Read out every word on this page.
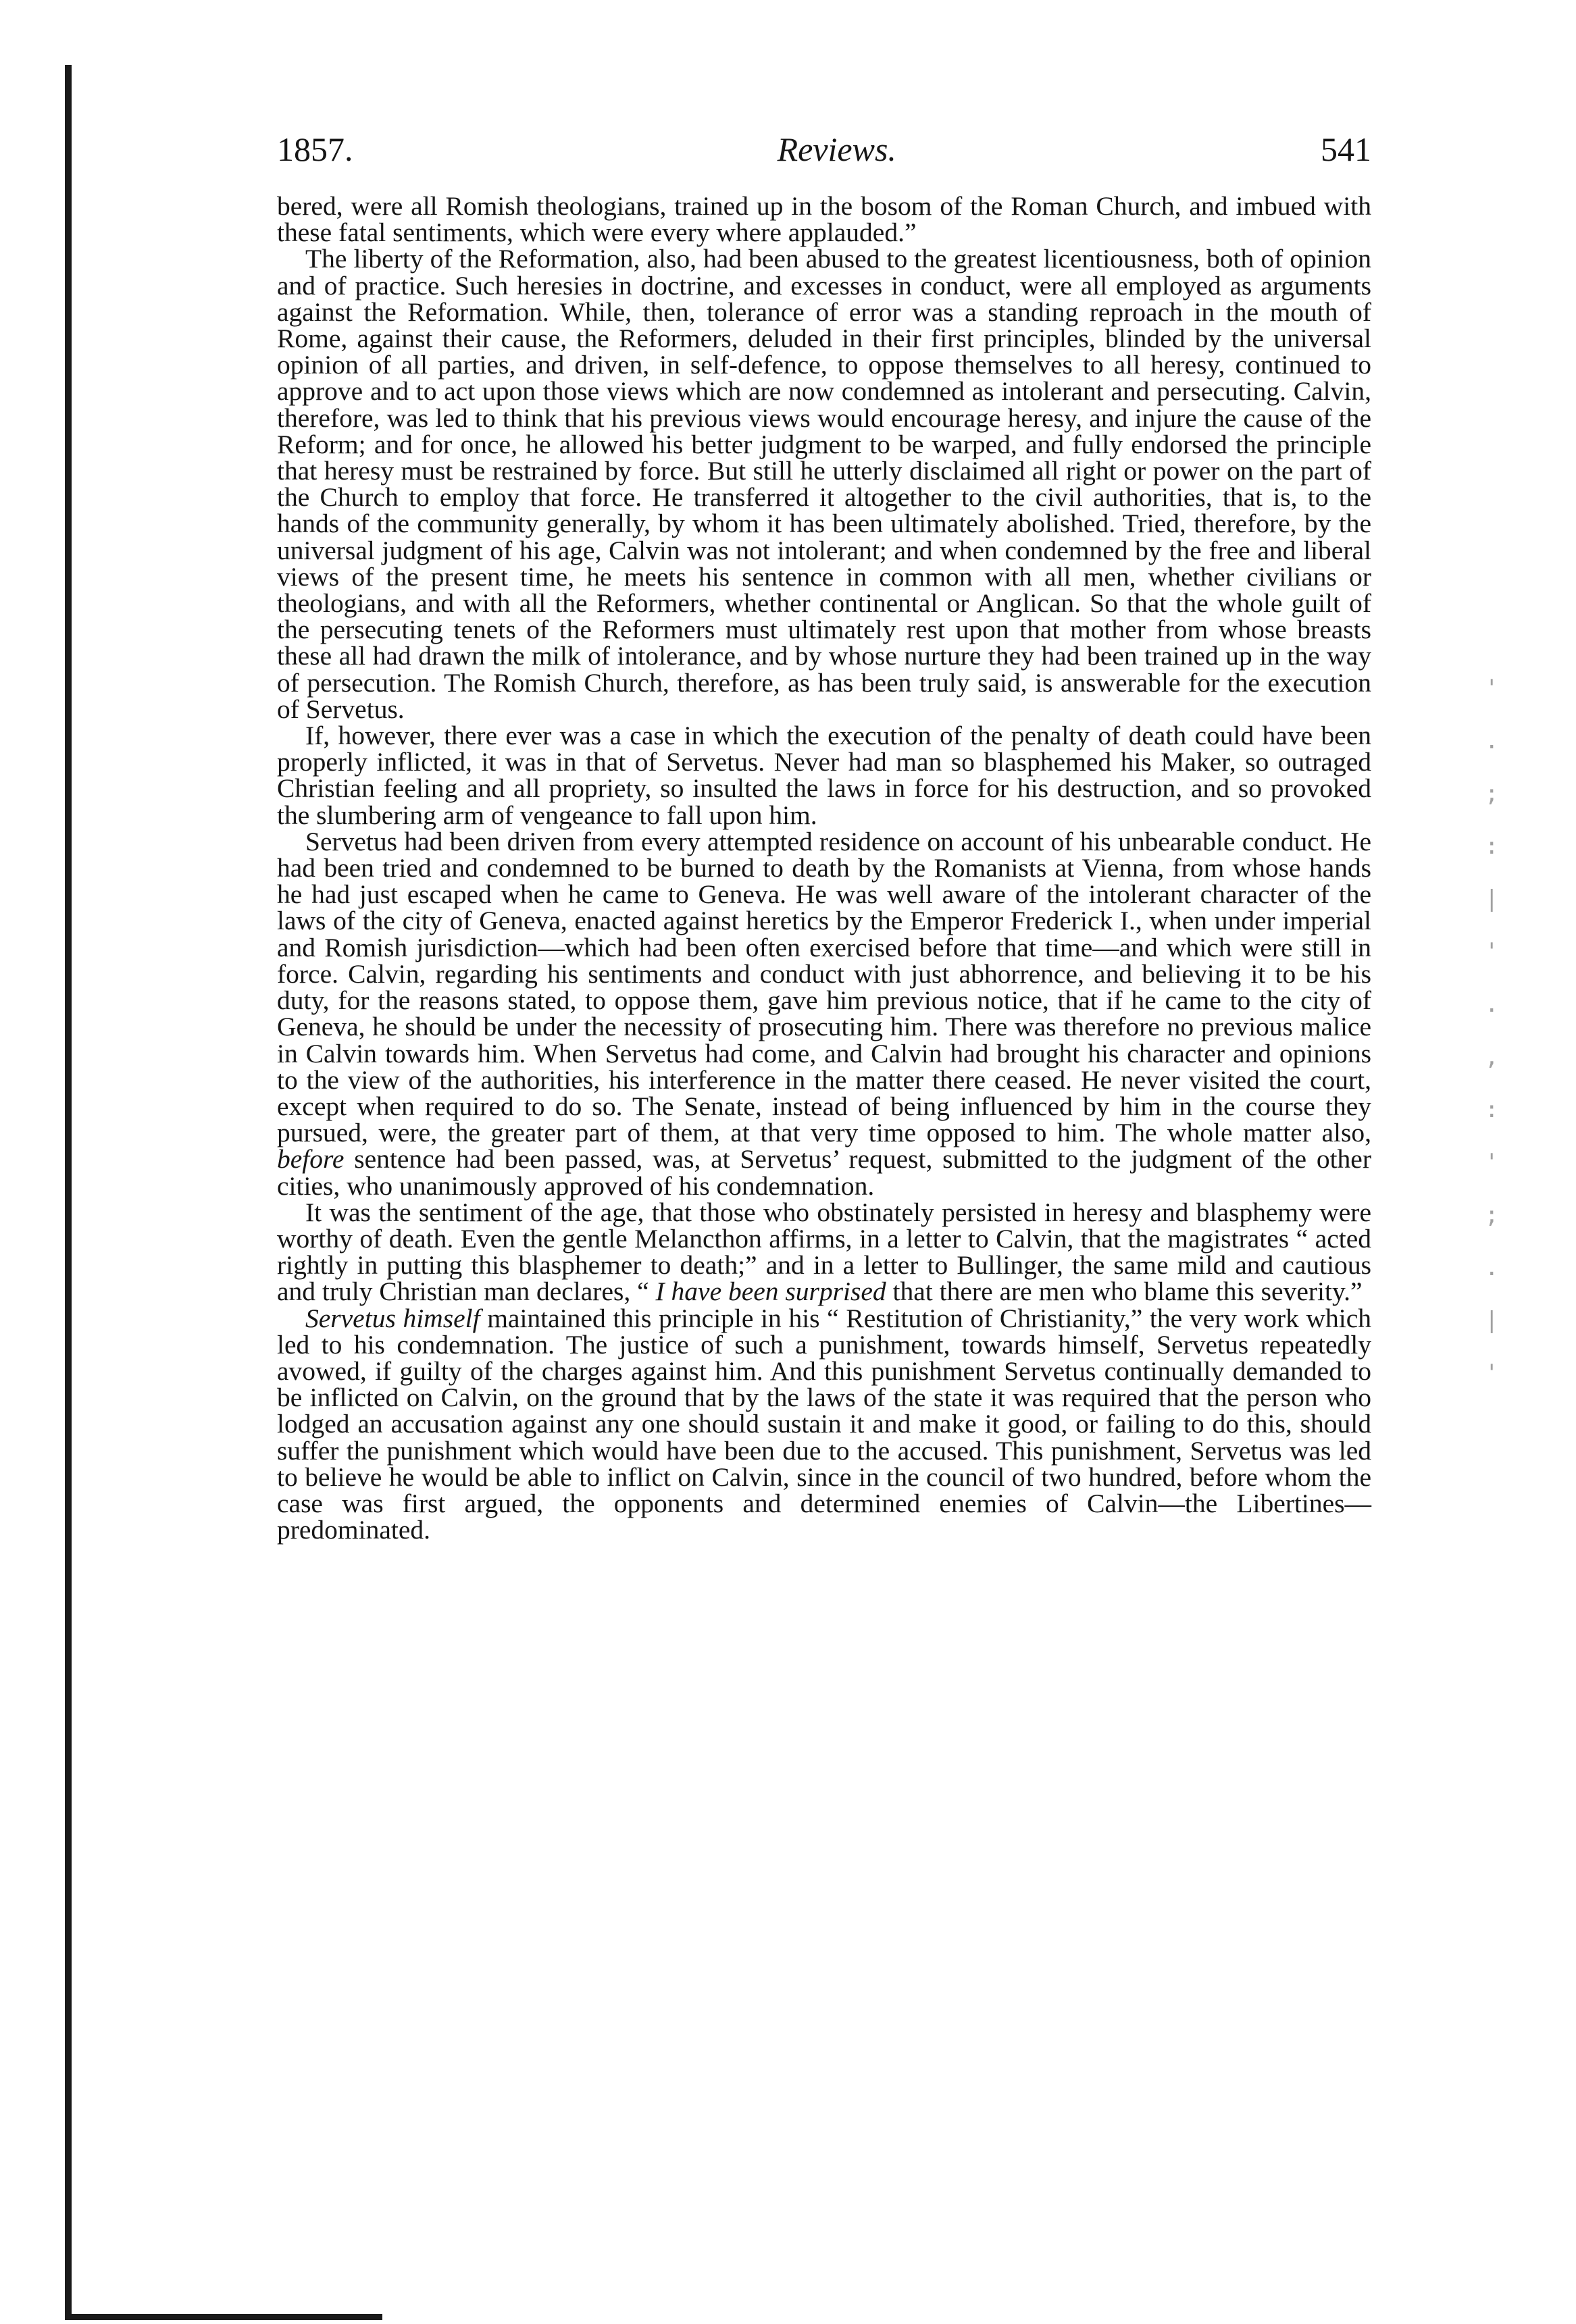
'
.
;
:
|
'
.
,
:
'
;
.
|
'
1857.	Reviews.	541

bered, were all Romish theologians, trained up in the bosom of the Roman Church, and imbued with these fatal sentiments, which were every where applauded.”

The liberty of the Reformation, also, had been abused to the greatest licentiousness, both of opinion and of practice. Such heresies in doctrine, and excesses in conduct, were all employed as arguments against the Reformation. While, then, tolerance of error was a standing reproach in the mouth of Rome, against their cause, the Reformers, deluded in their first principles, blinded by the universal opinion of all parties, and driven, in self-defence, to oppose themselves to all heresy, continued to approve and to act upon those views which are now condemned as intolerant and persecuting. Calvin, therefore, was led to think that his previous views would encourage heresy, and injure the cause of the Reform; and for once, he allowed his better judgment to be warped, and fully endorsed the principle that heresy must be restrained by force. But still he utterly disclaimed all right or power on the part of the Church to employ that force. He transferred it altogether to the civil authorities, that is, to the hands of the community generally, by whom it has been ultimately abolished. Tried, therefore, by the universal judgment of his age, Calvin was not intolerant; and when condemned by the free and liberal views of the present time, he meets his sentence in common with all men, whether civilians or theologians, and with all the Reformers, whether continental or Anglican. So that the whole guilt of the persecuting tenets of the Reformers must ultimately rest upon that mother from whose breasts these all had drawn the milk of intolerance, and by whose nurture they had been trained up in the way of persecution. The Romish Church, therefore, as has been truly said, is answerable for the execution of Servetus.

If, however, there ever was a case in which the execution of the penalty of death could have been properly inflicted, it was in that of Servetus. Never had man so blasphemed his Maker, so outraged Christian feeling and all propriety, so insulted the laws in force for his destruction, and so provoked the slumbering arm of vengeance to fall upon him.

Servetus had been driven from every attempted residence on account of his unbearable conduct. He had been tried and condemned to be burned to death by the Romanists at Vienna, from whose hands he had just escaped when he came to Geneva. He was well aware of the intolerant character of the laws of the city of Geneva, enacted against heretics by the Emperor Frederick I., when under imperial and Romish jurisdiction—which had been often exercised before that time—and which were still in force. Calvin, regarding his sentiments and conduct with just abhorrence, and believing it to be his duty, for the reasons stated, to oppose them, gave him previous notice, that if he came to the city of Geneva, he should be under the necessity of prosecuting him. There was therefore no previous malice in Calvin towards him. When Servetus had come, and Calvin had brought his character and opinions to the view of the authorities, his interference in the matter there ceased. He never visited the court, except when required to do so. The Senate, instead of being influenced by him in the course they pursued, were, the greater part of them, at that very time opposed to him. The whole matter also, before sentence had been passed, was, at Servetus’ request, submitted to the judgment of the other cities, who unanimously approved of his condemnation.

It was the sentiment of the age, that those who obstinately persisted in heresy and blasphemy were worthy of death. Even the gentle Melancthon affirms, in a letter to Calvin, that the magistrates “ acted rightly in putting this blasphemer to death;” and in a letter to Bullinger, the same mild and cautious and truly Christian man declares, “ I have been surprised that there are men who blame this severity.”

Servetus himself maintained this principle in his “ Restitution of Christianity,” the very work which led to his condemnation. The justice of such a punishment, towards himself, Servetus repeatedly avowed, if guilty of the charges against him. And this punishment Servetus continually demanded to be inflicted on Calvin, on the ground that by the laws of the state it was required that the person who lodged an accusation against any one should sustain it and make it good, or failing to do this, should suffer the punishment which would have been due to the accused. This punishment, Servetus was led to believe he would be able to inflict on Calvin, since in the council of two hundred, before whom the case was first argued, the opponents and determined enemies of Calvin—the Libertines—predominated.
